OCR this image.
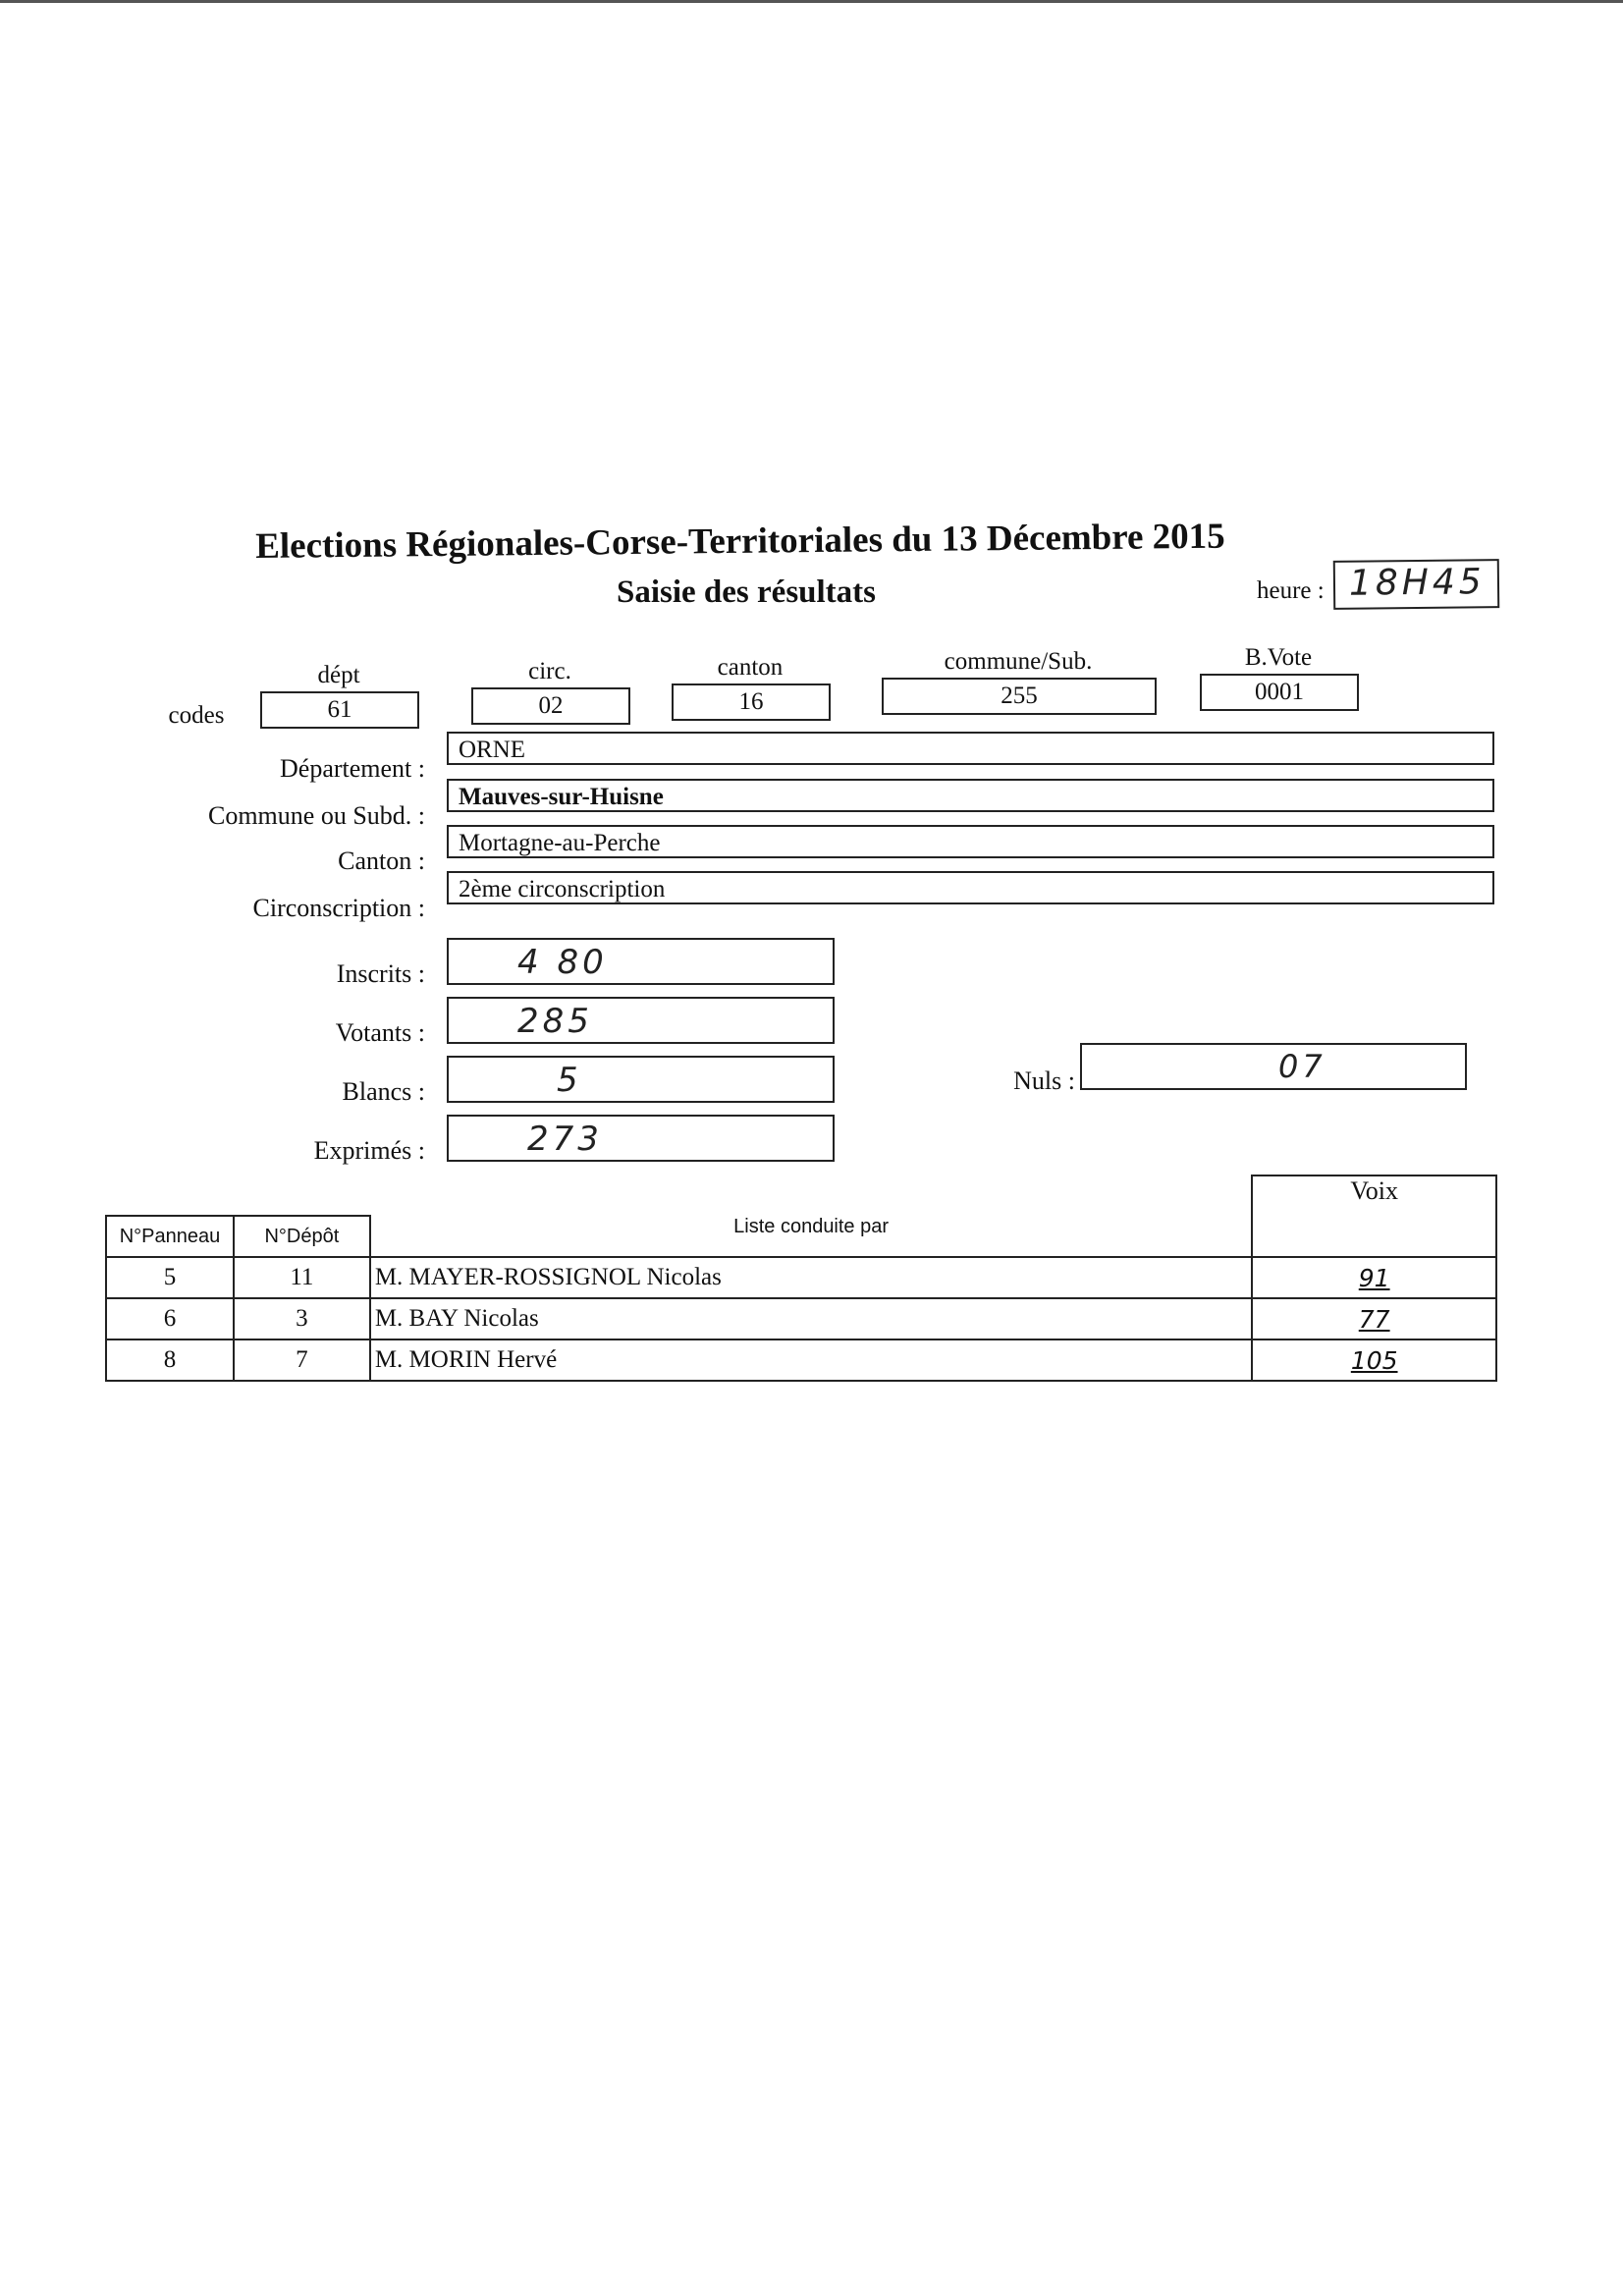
Elections Régionales-Corse-Territoriales du 13 Décembre 2015
Saisie des résultats	heure : 18H45
codes
dépt
61
circ.
02
canton
16
commune/Sub.
255
B.Vote
0001
Département :
ORNE
Commune ou Subd. :
Mauves-sur-Huisne
Canton :
Mortagne-au-Perche
Circonscription :
2ème circonscription
Inscrits :	4 80
Votants :	285
Blancs :	5
Exprimés :	273
Nuls :	07
			Voix
N°Panneau	N°Dépôt	Liste conduite par	
5	11	M. MAYER-ROSSIGNOL Nicolas	91
6	3	M. BAY Nicolas	77
8	7	M. MORIN Hervé	105
